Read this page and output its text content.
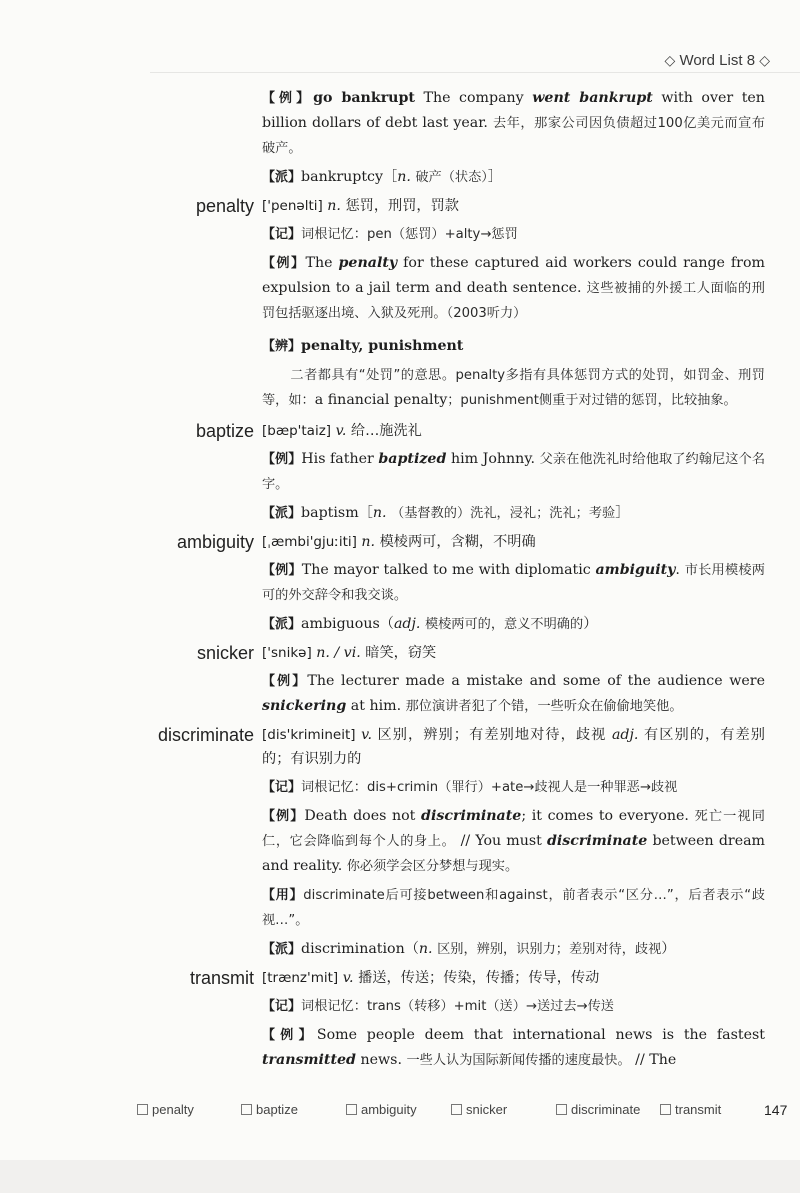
◇ Word List 8 ◇

【例】go bankrupt The company went bankrupt with over ten billion dollars of debt last year. 去年，那家公司因负债超过100亿美元而宣布破产。

【派】bankruptcy［n. 破产（状态）］

penalty ['penəlti] n. 惩罚，刑罚，罚款

【记】词根记忆：pen（惩罚）+alty→惩罚

【例】The penalty for these captured aid workers could range from expulsion to a jail term and death sentence. 这些被捕的外援工人面临的刑罚包括驱逐出境、入狱及死刑。（2003听力）

【辨】penalty, punishment

二者都具有“处罚”的意思。penalty多指有具体惩罚方式的处罚，如罚金、刑罚等，如：a financial penalty；punishment侧重于对过错的惩罚，比较抽象。

baptize [bæp'taiz] v. 给…施洗礼

【例】His father baptized him Johnny. 父亲在他洗礼时给他取了约翰尼这个名字。

【派】baptism［n. （基督教的）洗礼，浸礼；洗礼；考验］

ambiguity [ˌæmbi'gjuːiti] n. 模棱两可，含糊，不明确

【例】The mayor talked to me with diplomatic ambiguity. 市长用模棱两可的外交辞令和我交谈。

【派】ambiguous（adj. 模棱两可的，意义不明确的）

snicker ['snikə] n. / vi. 暗笑，窃笑

【例】The lecturer made a mistake and some of the audience were snickering at him. 那位演讲者犯了个错，一些听众在偷偷地笑他。

discriminate [dis'krimineit] v. 区别，辨别；有差别地对待，歧视 adj. 有区别的，有差别的；有识别力的

【记】词根记忆：dis+crimin（罪行）+ate→歧视人是一种罪恶→歧视

【例】Death does not discriminate; it comes to everyone. 死亡一视同仁，它会降临到每个人的身上。 // You must discriminate between dream and reality. 你必须学会区分梦想与现实。

【用】discriminate后可接between和against，前者表示“区分…”，后者表示“歧视…”。

【派】discrimination（n. 区别，辨别，识别力；差别对待，歧视）

transmit [trænz'mit] v. 播送，传送；传染，传播；传导，传动

【记】词根记忆：trans（转移）+mit（送）→送过去→传送

【例】Some people deem that international news is the fastest transmitted news. 一些人认为国际新闻传播的速度最快。 // The

penalty	baptize	ambiguity	snicker	discriminate	transmit	147
